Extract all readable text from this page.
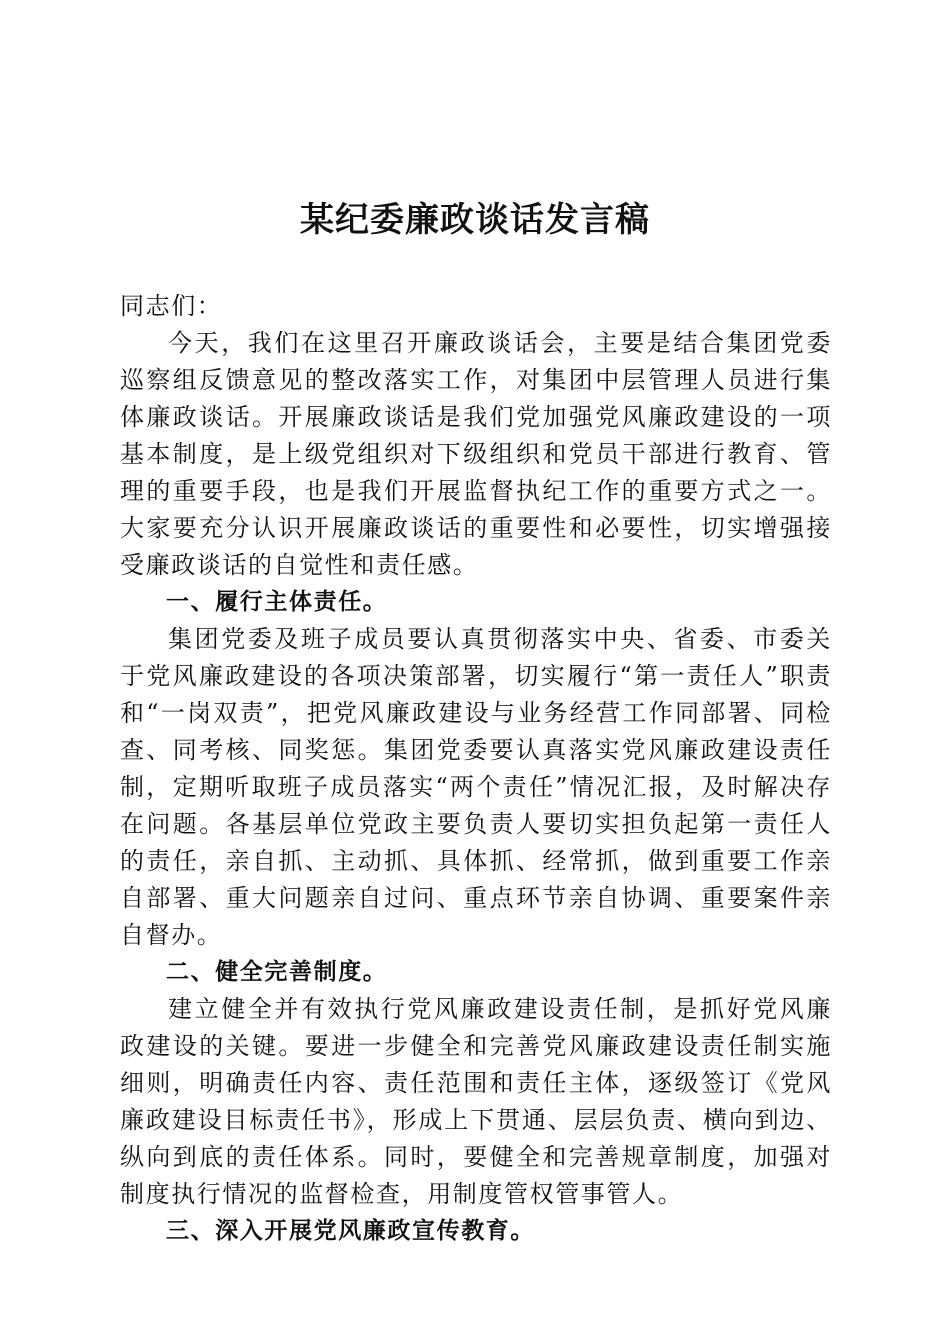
某纪委廉政谈话发言稿

同志们：

今天，我们在这里召开廉政谈话会，主要是结合集团党委巡察组反馈意见的整改落实工作，对集团中层管理人员进行集体廉政谈话。开展廉政谈话是我们党加强党风廉政建设的一项基本制度，是上级党组织对下级组织和党员干部进行教育、管理的重要手段，也是我们开展监督执纪工作的重要方式之一。大家要充分认识开展廉政谈话的重要性和必要性，切实增强接受廉政谈话的自觉性和责任感。

一、履行主体责任。

集团党委及班子成员要认真贯彻落实中央、省委、市委关于党风廉政建设的各项决策部署，切实履行“第一责任人”职责和“一岗双责”，把党风廉政建设与业务经营工作同部署、同检查、同考核、同奖惩。集团党委要认真落实党风廉政建设责任制，定期听取班子成员落实“两个责任”情况汇报，及时解决存在问题。各基层单位党政主要负责人要切实担负起第一责任人的责任，亲自抓、主动抓、具体抓、经常抓，做到重要工作亲自部署、重大问题亲自过问、重点环节亲自协调、重要案件亲自督办。

二、健全完善制度。

建立健全并有效执行党风廉政建设责任制，是抓好党风廉政建设的关键。要进一步健全和完善党风廉政建设责任制实施细则，明确责任内容、责任范围和责任主体，逐级签订《党风廉政建设目标责任书》，形成上下贯通、层层负责、横向到边、纵向到底的责任体系。同时，要健全和完善规章制度，加强对制度执行情况的监督检查，用制度管权管事管人。

三、深入开展党风廉政宣传教育。
